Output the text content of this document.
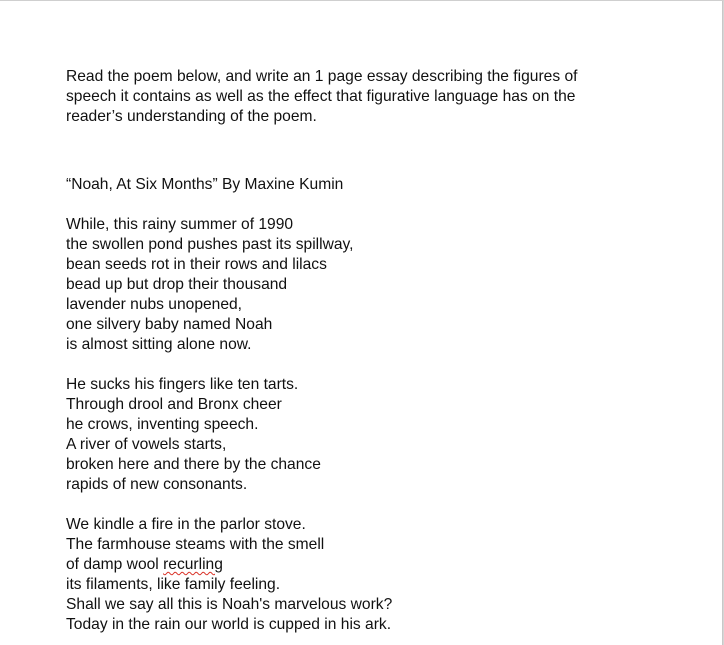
Read the poem below, and write an 1 page essay describing the figures of

speech it contains as well as the effect that figurative language has on the

reader’s understanding of the poem.

“Noah, At Six Months” By Maxine Kumin
While, this rainy summer of 1990
the swollen pond pushes past its spillway,
bean seeds rot in their rows and lilacs
bead up but drop their thousand
lavender nubs unopened,
one silvery baby named Noah
is almost sitting alone now.
He sucks his fingers like ten tarts.
Through drool and Bronx cheer
he crows, inventing speech.
A river of vowels starts,
broken here and there by the chance
rapids of new consonants.
We kindle a fire in the parlor stove.
The farmhouse steams with the smell
of damp wool recurling
its filaments, like family feeling.
Shall we say all this is Noah's marvelous work?
Today in the rain our world is cupped in his ark.
